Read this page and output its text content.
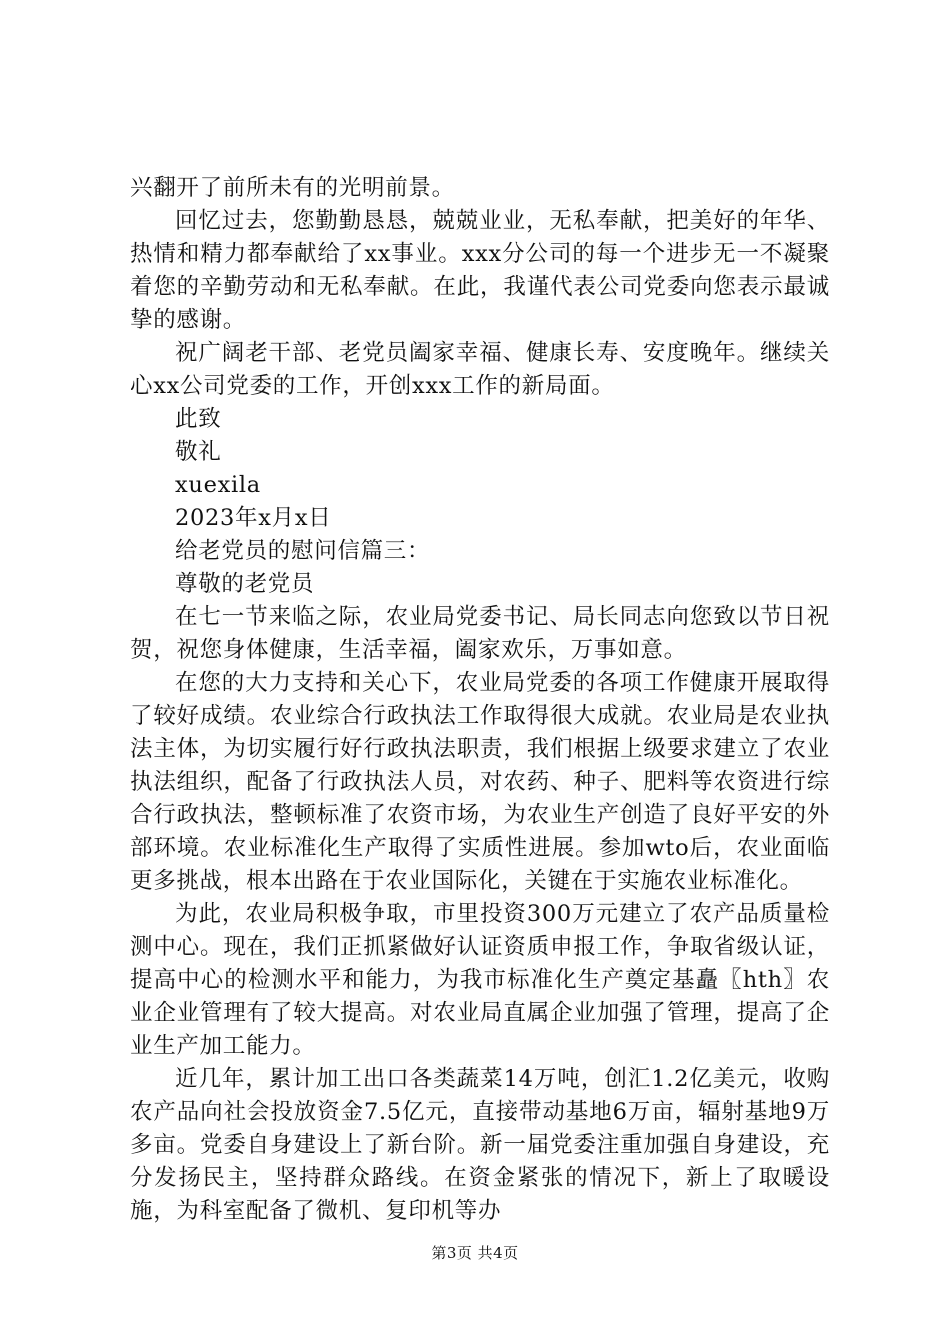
兴翻开了前所未有的光明前景。

回忆过去，您勤勤恳恳，兢兢业业，无私奉献，把美好的年华、热情和精力都奉献给了xx事业。xxx分公司的每一个进步无一不凝聚着您的辛勤劳动和无私奉献。在此，我谨代表公司党委向您表示最诚挚的感谢。

祝广阔老干部、老党员阖家幸福、健康长寿、安度晚年。继续关心xx公司党委的工作，开创xxx工作的新局面。

此致

敬礼

xuexila

2023年x月x日

给老党员的慰问信篇三：

尊敬的老党员

在七一节来临之际，农业局党委书记、局长同志向您致以节日祝贺，祝您身体健康，生活幸福，阖家欢乐，万事如意。

在您的大力支持和关心下，农业局党委的各项工作健康开展取得了较好成绩。农业综合行政执法工作取得很大成就。农业局是农业执法主体，为切实履行好行政执法职责，我们根据上级要求建立了农业执法组织，配备了行政执法人员，对农药、种子、肥料等农资进行综合行政执法，整顿标准了农资市场，为农业生产创造了良好平安的外部环境。农业标准化生产取得了实质性进展。参加wto后，农业面临更多挑战，根本出路在于农业国际化，关键在于实施农业标准化。

为此，农业局积极争取，市里投资300万元建立了农产品质量检测中心。现在，我们正抓紧做好认证资质申报工作，争取省级认证，提高中心的检测水平和能力，为我市标准化生产奠定基矗〖hth〗农业企业管理有了较大提高。对农业局直属企业加强了管理，提高了企业生产加工能力。

近几年，累计加工出口各类蔬菜14万吨，创汇1.2亿美元，收购农产品向社会投放资金7.5亿元，直接带动基地6万亩，辐射基地9万多亩。党委自身建设上了新台阶。新一届党委注重加强自身建设，充分发扬民主，坚持群众路线。在资金紧张的情况下，新上了取暖设施，为科室配备了微机、复印机等办

第3页 共4页
